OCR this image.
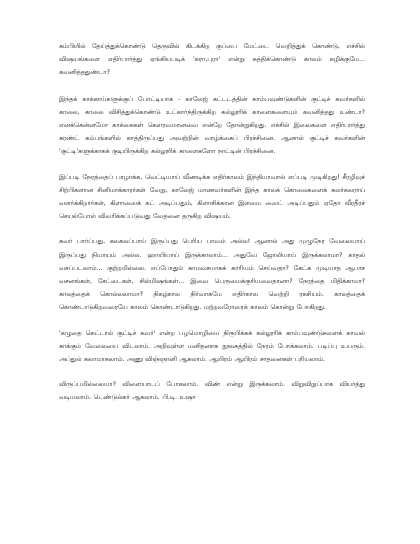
கம்பியில் தேய்த்துக்கொண்டு தெருவில் கிடக்கிற குப்பை மேட்டை வெறித்துக் கொண்டு, எச்சில் விஷயங்களை எதிர்பார்த்து ஏங்கியபடிக் 'கரா,புரா' என்று கத்திக்கொண்டு காலம் கழிக்குமே... கவனித்ததுண்டா?

இந்தக் காக்காய்களுக்குப் போட்டியாக - காலேஜ் கட்டடத்தின் காம்பவுண்டுகளின் குட்டிச் சுவர்களில் காலை, காலை விசித்துக்கொண்டு உட்கார்ந்திருக்கிற கல்லூரிக் காளைகளையும் கவனித்தது உண்டா? எனக்கென்னமோ காக்கைகள் கௌரவமானவை என்றே தோன்றுகிறது. எச்சில் இலைகளை எதிர்பார்த்து கரண்ட் கம்பங்களில் காத்திருப்பது அவற்றின் வாழ்க்கைப் பிரச்சினை. ஆனால் குட்டிச் சுவர்களின் 'குட்டி'களுக்காகக் குடியிருக்கிற கல்லூரிக் காளைகளோ நாட்டின் பிரச்சினை.

இப்படி நேரத்தைப் பாழாக்க, வெட்டியாய் வீணடிக்க எதிர்காலம் இந்தியாவால் எப்படி முடிகிறது! சீரழிவுச் சிற்பிகளான சினிமாக்காரர்கள் வேறு, காலேஜ் மாணவர்களின் இந்த காலக் கொலைகளைக் கலர்கலராய் வளர்க்கிறார்கள், கிளாஸைக் கட் அடிப்பதும், கிளாசிக்கான இளமை ஸைட் அடிப்பதும் ஏதோ வீரதீரச் செயல்போல் விவரிக்கப்படுவது வேதனை தருகிற விஷயம்.

கவர் பார்ப்பது, கலகலப்பாய் இருப்பது பெரிய பாவம் அல்ல! ஆனால் அது முழுநேர வேலையாய் இருப்பது நியாயம் அல்ல. ஹாயியாய் இருக்காலாம்... அதுவே ஜோலியாய் இருக்கலாமா? காதல் வசப்படலாம்... குற்றமில்லை. எப்போதும் காமவசமாகக் காரியம் செய்வதா? கேட்க முடியாத ஆபாச வசனங்கள், சேட்டைகள், சில்மிஷங்கள்... இவை பெருமைக்குரியவைதானா? நேரத்தை மிதிக்காமா? காலத்தைக் கொல்லலாமா? நிகழ்கால நிர்வாகமே எதிர்கால வெற்றி ரகசியம். காலத்தைக் கொண்டாடுகிறவரையே காலம் கொண்டாடுகிறது. மற்றவரோரைக் காலம் கொன்று போகிறது.

'கழுதை கெட்டால் குட்டிச் சுவர்' என்ற பழமொழியை நிரூபிக்கக் கல்லூரிக் காம்பவுண்டுகளைக் காவல் காக்கும் வேலையை விடலாம். அறிவுள்ள மனிதனாக நூலகத்தில் நேரம் போக்கலாம். படிப்பு உயரும். அப்துல் கலாமாகலாம். அணு விஞ்ஞானி ஆகலாம். ஆயிரம் ஆயிரம் சாதனைகள் புரியலாம்.

விருப்பமில்லையா? விளையாடப் போகலாம். விண் என்று இருக்கலாம். விறுவிறுப்பாக வியர்த்து வடியலாம். டெண்டுல்கர் ஆகலாம். பி.டி. உஷா
